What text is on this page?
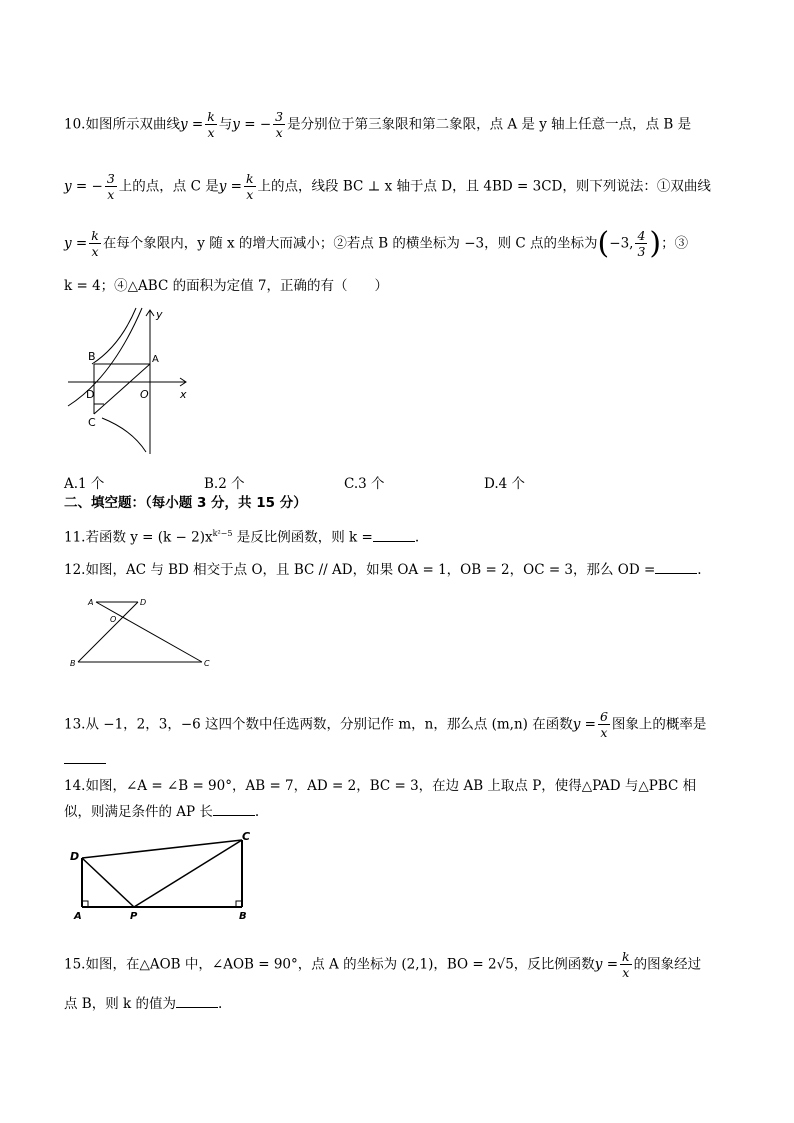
10.如图所示双曲线$y = \frac{k}{x}$ 与y = − $\frac{3}{x}$ 是分别位于第三象限和第二象限，点 A 是 y 轴上任意一点，点 B 是
y = − $\frac{3}{x}$ 上的点，点 C 是$y = \frac{k}{x}$ 上的点，线段 BC ⊥ x 轴于点 D，且 4BD = 3CD，则下列说法：①双曲线
$y = \frac{k}{x}$ 在每个象限内，y 随 x 的增大而减小；②若点 B 的横坐标为 −3，则 C 点的坐标为(−3, $\frac{4}{3}$ )；③
k = 4；④△ABC 的面积为定值 7，正确的有（　　）
y
x
B	A
D	O
C
A.1 个	B.2 个	C.3 个	D.4 个
二、填空题：（每小题 3 分，共 15 分）
11.若函数 $y = (k - 2)x^{k^2-5}$ 是反比例函数，则 k =	.
12.如图，AC 与 BD 相交于点 O，且 BC // AD，如果 OA = 1，OB = 2，OC = 3，那么 OD =	.
A	D
O
B	C
13.从 −1，2，3，−6 这四个数中任选两数，分别记作 m，n，那么点 (m,n) 在函数$y = \frac{6}{x}$ 图象上的概率是
14.如图，∠A = ∠B = 90°，AB = 7，AD = 2，BC = 3，在边 AB 上取点 P，使得△PAD 与△PBC 相
似，则满足条件的 AP 长	.
D
C
A	P	B
15.如图，在△AOB 中，∠AOB = 90°，点 A 的坐标为 (2,1)，BO = 2√5，反比例函数$y = \frac{k}{x}$ 的图象经过
点 B，则 k 的值为	.
